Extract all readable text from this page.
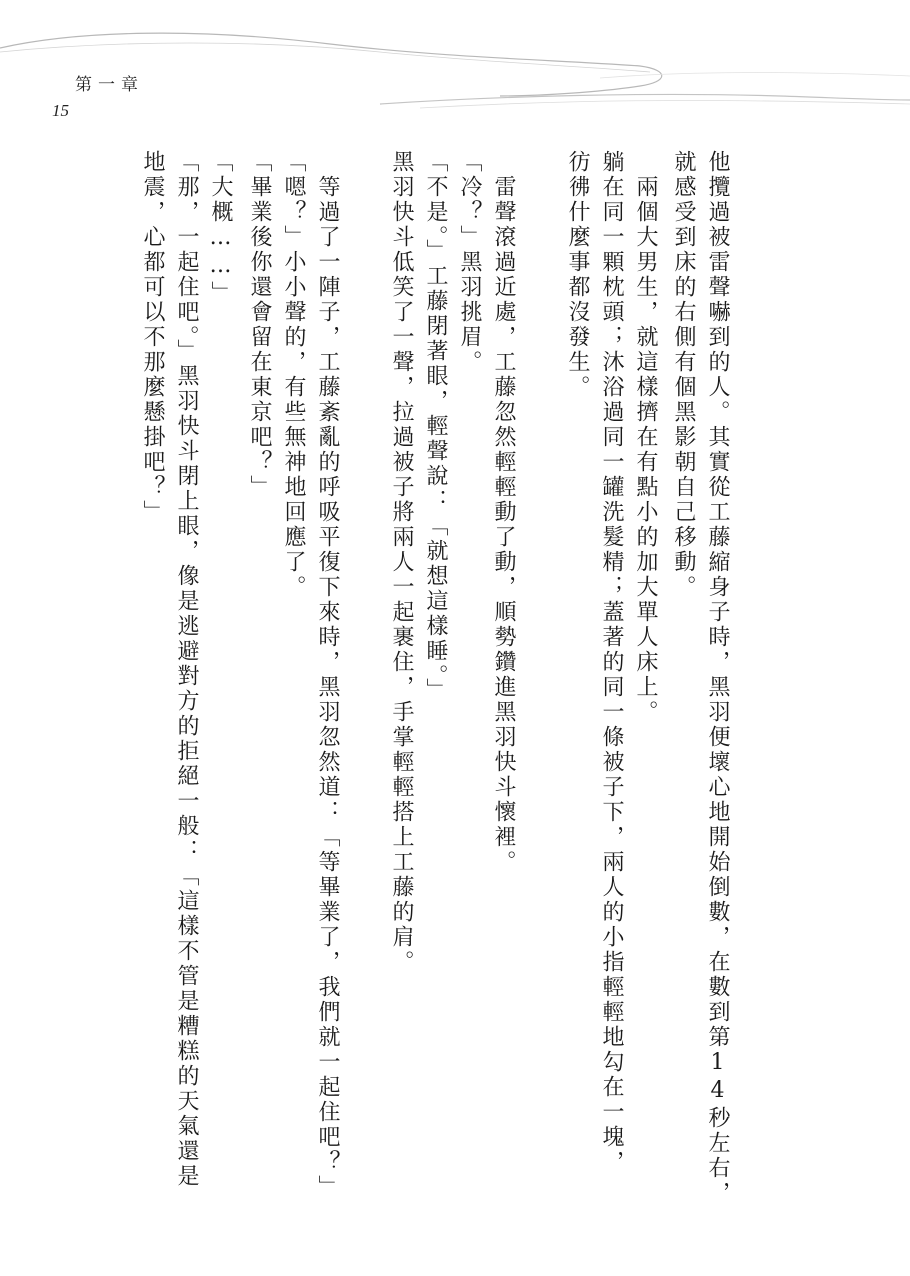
第一章
15
他攬過被雷聲嚇到的人。其實從工藤縮身子時，黑羽便壞心地開始倒數，在數到第14秒左右，
就感受到床的右側有個黑影朝自己移動。
兩個大男生，就這樣擠在有點小的加大單人床上。
躺在同一顆枕頭；沐浴過同一罐洗髮精；蓋著的同一條被子下，兩人的小指輕輕地勾在一塊，
彷彿什麼事都沒發生。
雷聲滾過近處，工藤忽然輕輕動了動，順勢鑽進黑羽快斗懷裡。
「冷？」黑羽挑眉。
「不是。」工藤閉著眼，輕聲說：「就想這樣睡。」
黑羽快斗低笑了一聲，拉過被子將兩人一起裹住，手掌輕輕搭上工藤的肩。
等過了一陣子，工藤紊亂的呼吸平復下來時，黑羽忽然道：「等畢業了，我們就一起住吧？」
「嗯？」小小聲的，有些無神地回應了。
「畢業後你還會留在東京吧？」
「大概……」
「那，一起住吧。」黑羽快斗閉上眼，像是逃避對方的拒絕一般：「這樣不管是糟糕的天氣還是
地震，心都可以不那麼懸掛吧？」
